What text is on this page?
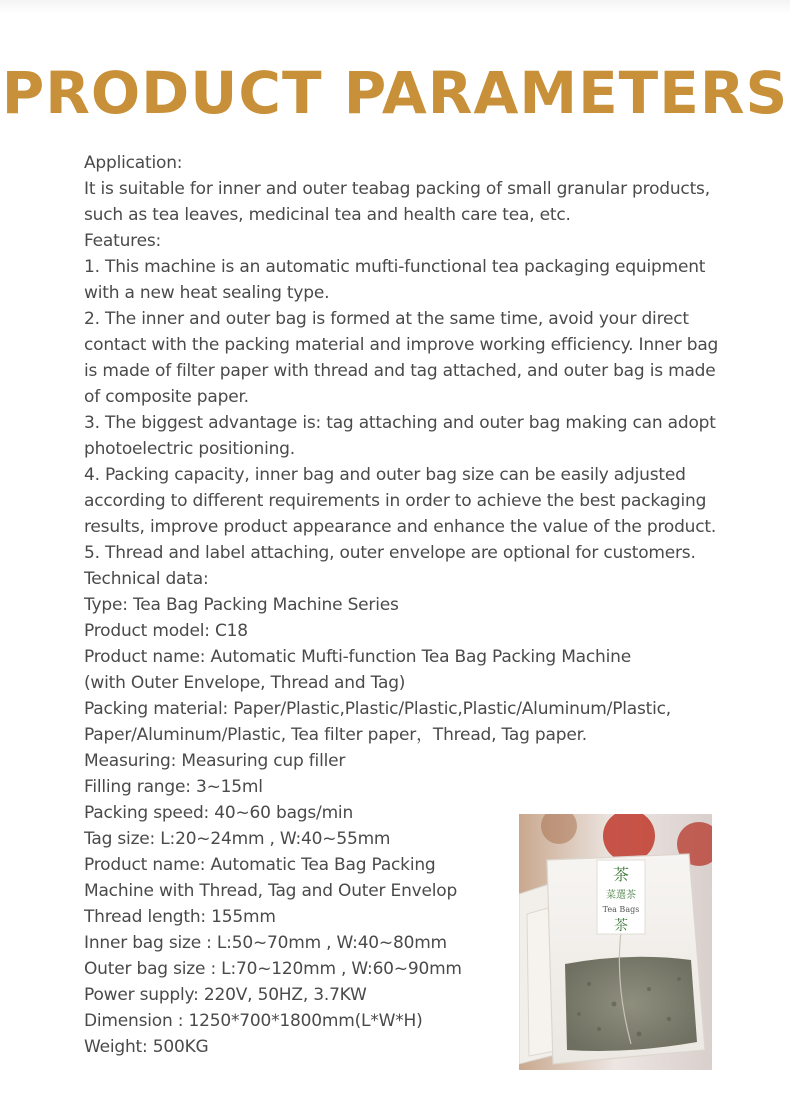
PRODUCT PARAMETERS
Application:
It is suitable for inner and outer teabag packing of small granular products,
such as tea leaves, medicinal tea and health care tea, etc.
Features:
1. This machine is an automatic mufti-functional tea packaging equipment
with a new heat sealing type.
2. The inner and outer bag is formed at the same time, avoid your direct
contact with the packing material and improve working efficiency. Inner bag
is made of filter paper with thread and tag attached, and outer bag is made
of composite paper.
3. The biggest advantage is: tag attaching and outer bag making can adopt
photoelectric positioning.
4. Packing capacity, inner bag and outer bag size can be easily adjusted
according to different requirements in order to achieve the best packaging
results, improve product appearance and enhance the value of the product.
5. Thread and label attaching, outer envelope are optional for customers.
Technical data:
Type: Tea Bag Packing Machine Series
Product model: C18
Product name: Automatic Mufti-function Tea Bag Packing Machine
(with Outer Envelope, Thread and Tag)
Packing material: Paper/Plastic,Plastic/Plastic,Plastic/Aluminum/Plastic,
Paper/Aluminum/Plastic, Tea filter paper，Thread, Tag paper.
Measuring: Measuring cup filler
Filling range: 3~15ml
Packing speed: 40~60 bags/min
Tag size: L:20~24mm , W:40~55mm
Product name: Automatic Tea Bag Packing
Machine with Thread, Tag and Outer Envelop
Thread length: 155mm
Inner bag size : L:50~70mm , W:40~80mm
Outer bag size : L:70~120mm , W:60~90mm
Power supply: 220V, 50HZ, 3.7KW
Dimension : 1250*700*1800mm(L*W*H)
Weight: 500KG
茶
菜選茶
Tea Bags
茶
